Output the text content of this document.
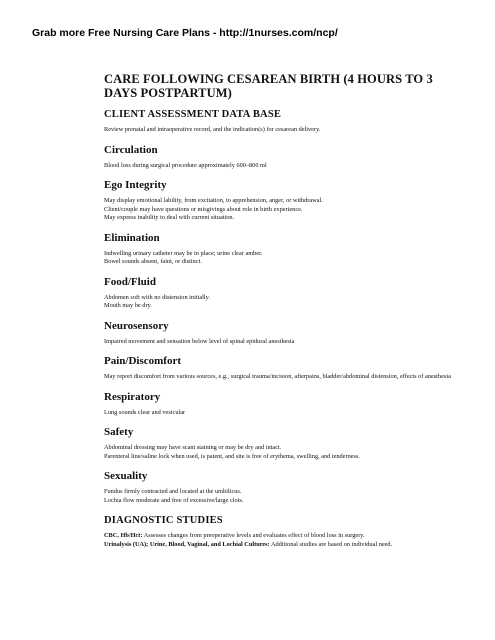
Grab more Free Nursing Care Plans - http://1nurses.com/ncp/
CARE FOLLOWING CESAREAN BIRTH (4 HOURS TO 3
DAYS POSTPARTUM)
CLIENT ASSESSMENT DATA BASE

Review prenatal and intraoperative record, and the indication(s) for cesarean delivery.

Circulation

Blood loss during surgical procedure approximately 600–800 ml

Ego Integrity

May display emotional lability, from excitation, to apprehension, anger, or withdrawal.

Client/couple may have questions or misgivings about role in birth experience.

May express inability to deal with current situation.

Elimination

Indwelling urinary catheter may be in place; urine clear amber.

Bowel sounds absent, faint, or distinct.

Food/Fluid

Abdomen soft with no distension initially.

Mouth may be dry.

Neurosensory

Impaired movement and sensation below level of spinal epidural anesthesia

Pain/Discomfort

May report discomfort from various sources, e.g., surgical trauma/incision, afterpains, bladder/abdominal distension, effects of anesthesia

Respiratory

Lung sounds clear and vesicular

Safety

Abdominal dressing may have scant staining or may be dry and intact.

Parenteral line/saline lock when used, is patent, and site is free of erythema, swelling, and tenderness.

Sexuality

Fundus firmly contracted and located at the umbilicus.

Lochia flow moderate and free of excessive/large clots.

DIAGNOSTIC STUDIES

CBC, Hb/Hct: Assesses changes from preoperative levels and evaluates effect of blood loss in surgery.

Urinalysis (UA); Urine, Blood, Vaginal, and Lochial Cultures: Additional studies are based on individual need.
